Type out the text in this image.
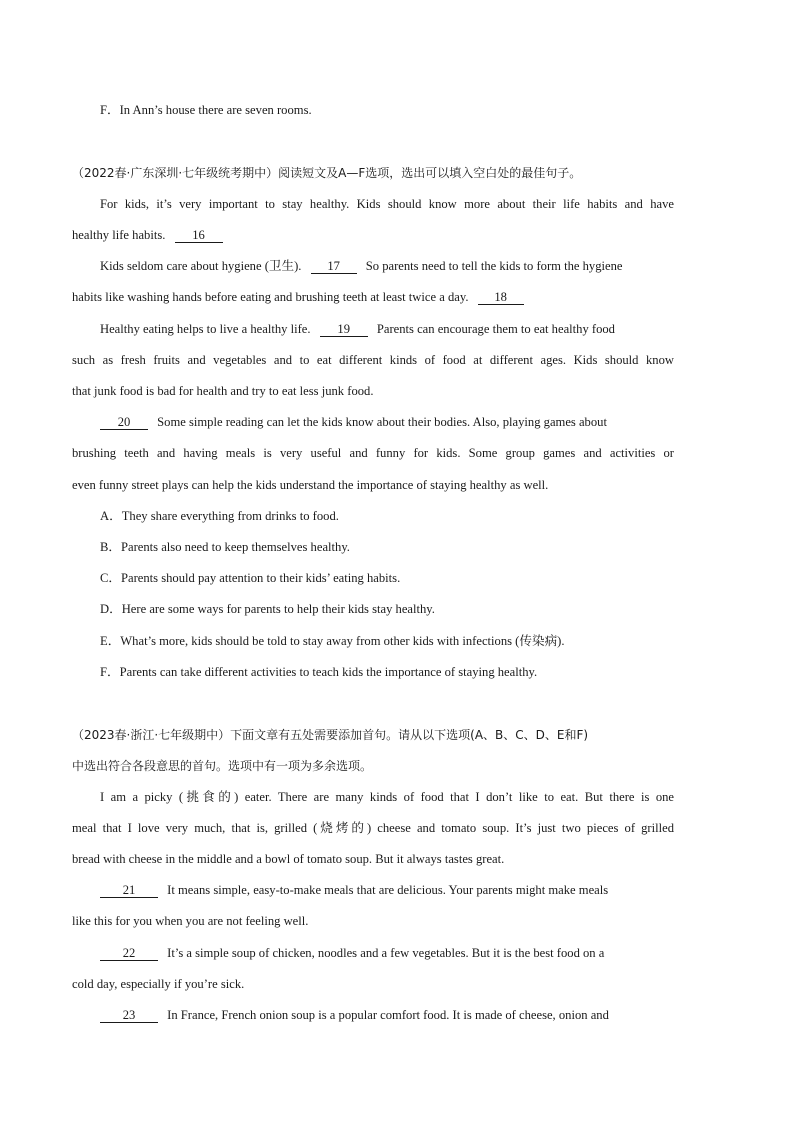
F．In Ann’s house there are seven rooms.
（2022春·广东深圳·七年级统考期中）阅读短文及A—F选项，选出可以填入空白处的最佳句子。
For kids, it’s very important to stay healthy. Kids should know more about their life habits and have
healthy life habits. 16
Kids seldom care about hygiene (卫生). 17 So parents need to tell the kids to form the hygiene
habits like washing hands before eating and brushing teeth at least twice a day. 18
Healthy eating helps to live a healthy life. 19 Parents can encourage them to eat healthy food
such as fresh fruits and vegetables and to eat different kinds of food at different ages. Kids should know
that junk food is bad for health and try to eat less junk food.
20 Some simple reading can let the kids know about their bodies. Also, playing games about
brushing teeth and having meals is very useful and funny for kids. Some group games and activities or
even funny street plays can help the kids understand the importance of staying healthy as well.
A．They share everything from drinks to food.
B．Parents also need to keep themselves healthy.
C．Parents should pay attention to their kids’ eating habits.
D．Here are some ways for parents to help their kids stay healthy.
E．What’s more, kids should be told to stay away from other kids with infections (传染病).
F．Parents can take different activities to teach kids the importance of staying healthy.
（2023春·浙江·七年级期中）下面文章有五处需要添加首句。请从以下选项(A、B、C、D、E和F)
中选出符合各段意思的首句。选项中有一项为多余选项。
I am a picky (挑食的) eater. There are many kinds of food that I don’t like to eat. But there is one
meal that I love very much, that is, grilled (烧烤的) cheese and tomato soup. It’s just two pieces of grilled
bread with cheese in the middle and a bowl of tomato soup. But it always tastes great.
21	It means simple, easy-to-make meals that are delicious. Your parents might make meals
like this for you when you are not feeling well.
22	It’s a simple soup of chicken, noodles and a few vegetables. But it is the best food on a
cold day, especially if you’re sick.
23	In France, French onion soup is a popular comfort food. It is made of cheese, onion and
